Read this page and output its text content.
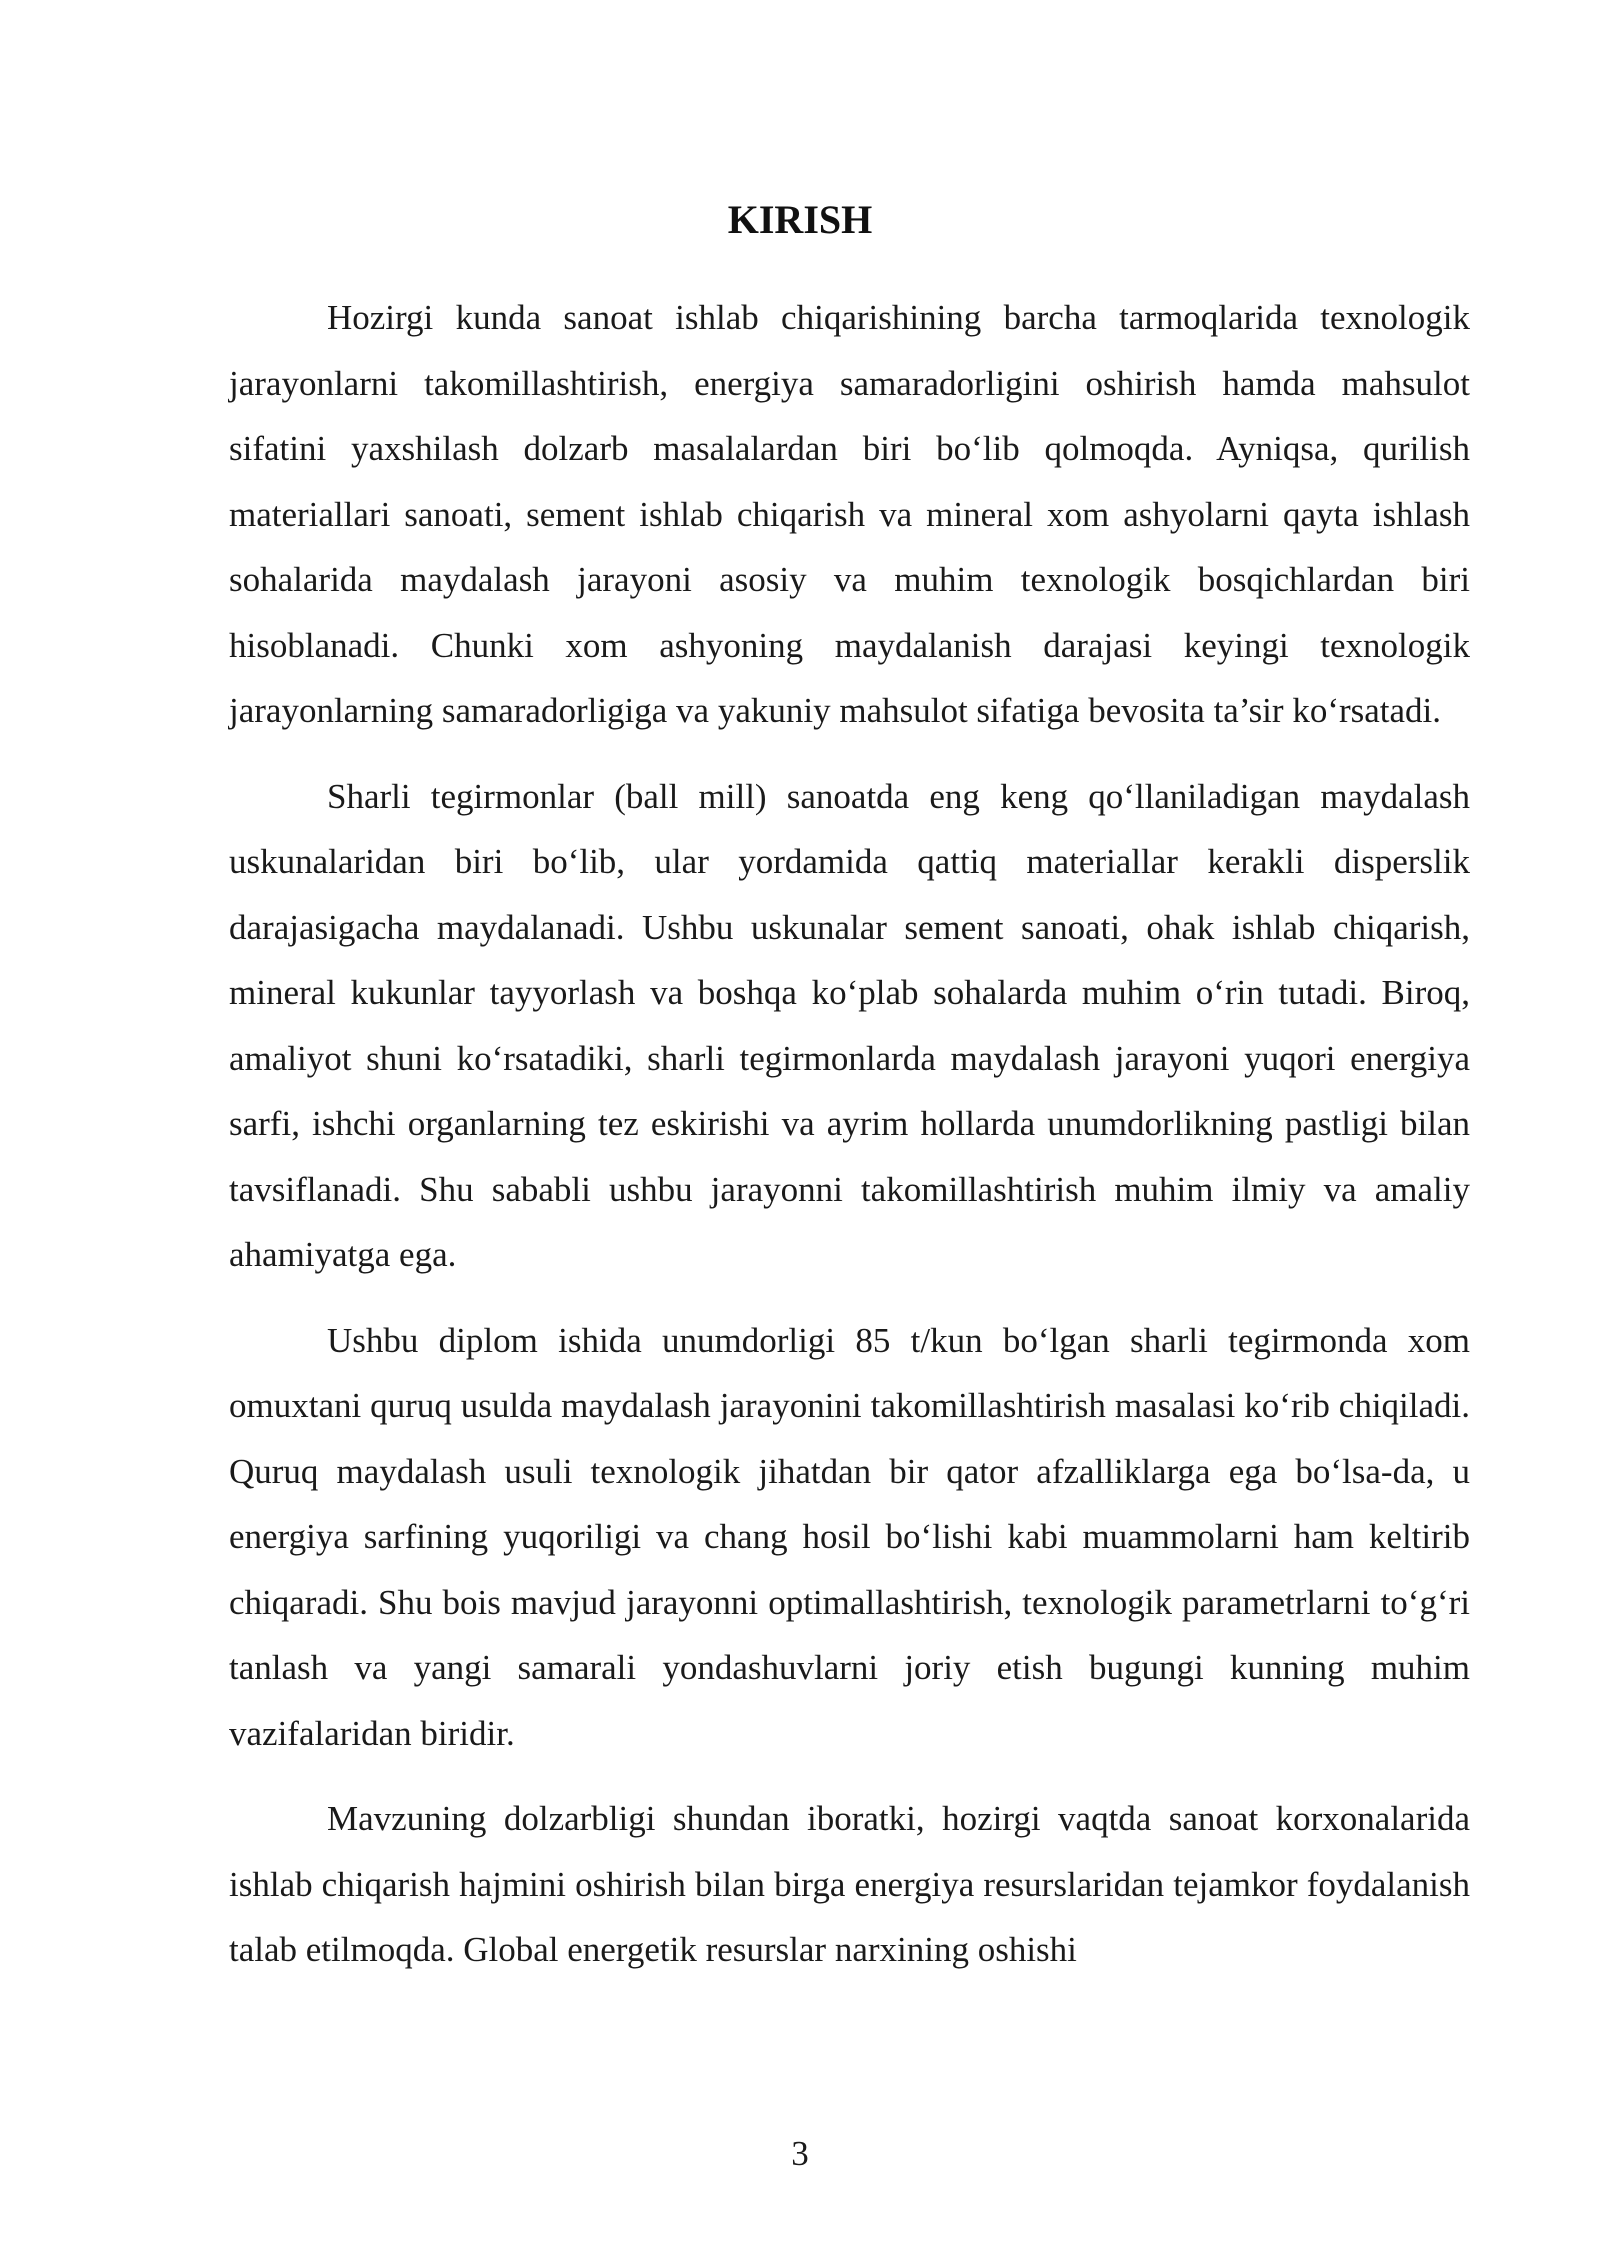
KIRISH

Hozirgi kunda sanoat ishlab chiqarishining barcha tarmoqlarida texnologik jarayonlarni takomillashtirish, energiya samaradorligini oshirish hamda mahsulot sifatini yaxshilash dolzarb masalalardan biri bo‘lib qolmoqda. Ayniqsa, qurilish materiallari sanoati, sement ishlab chiqarish va mineral xom ashyolarni qayta ishlash sohalarida maydalash jarayoni asosiy va muhim texnologik bosqichlardan biri hisoblanadi. Chunki xom ashyoning maydalanish darajasi keyingi texnologik jarayonlarning samaradorligiga va yakuniy mahsulot sifatiga bevosita ta’sir ko‘rsatadi.

Sharli tegirmonlar (ball mill) sanoatda eng keng qo‘llaniladigan maydalash uskunalaridan biri bo‘lib, ular yordamida qattiq materiallar kerakli disperslik darajasigacha maydalanadi. Ushbu uskunalar sement sanoati, ohak ishlab chiqarish, mineral kukunlar tayyorlash va boshqa ko‘plab sohalarda muhim o‘rin tutadi. Biroq, amaliyot shuni ko‘rsatadiki, sharli tegirmonlarda maydalash jarayoni yuqori energiya sarfi, ishchi organlarning tez eskirishi va ayrim hollarda unumdorlikning pastligi bilan tavsiflanadi. Shu sababli ushbu jarayonni takomillashtirish muhim ilmiy va amaliy ahamiyatga ega.

Ushbu diplom ishida unumdorligi 85 t/kun bo‘lgan sharli tegirmonda xom omuxtani quruq usulda maydalash jarayonini takomillashtirish masalasi ko‘rib chiqiladi. Quruq maydalash usuli texnologik jihatdan bir qator afzalliklarga ega bo‘lsa-da, u energiya sarfining yuqoriligi va chang hosil bo‘lishi kabi muammolarni ham keltirib chiqaradi. Shu bois mavjud jarayonni optimallashtirish, texnologik parametrlarni to‘g‘ri tanlash va yangi samarali yondashuvlarni joriy etish bugungi kunning muhim vazifalaridan biridir.

Mavzuning dolzarbligi shundan iboratki, hozirgi vaqtda sanoat korxonalarida ishlab chiqarish hajmini oshirish bilan birga energiya resurslaridan tejamkor foydalanish talab etilmoqda. Global energetik resurslar narxining oshishi

3
